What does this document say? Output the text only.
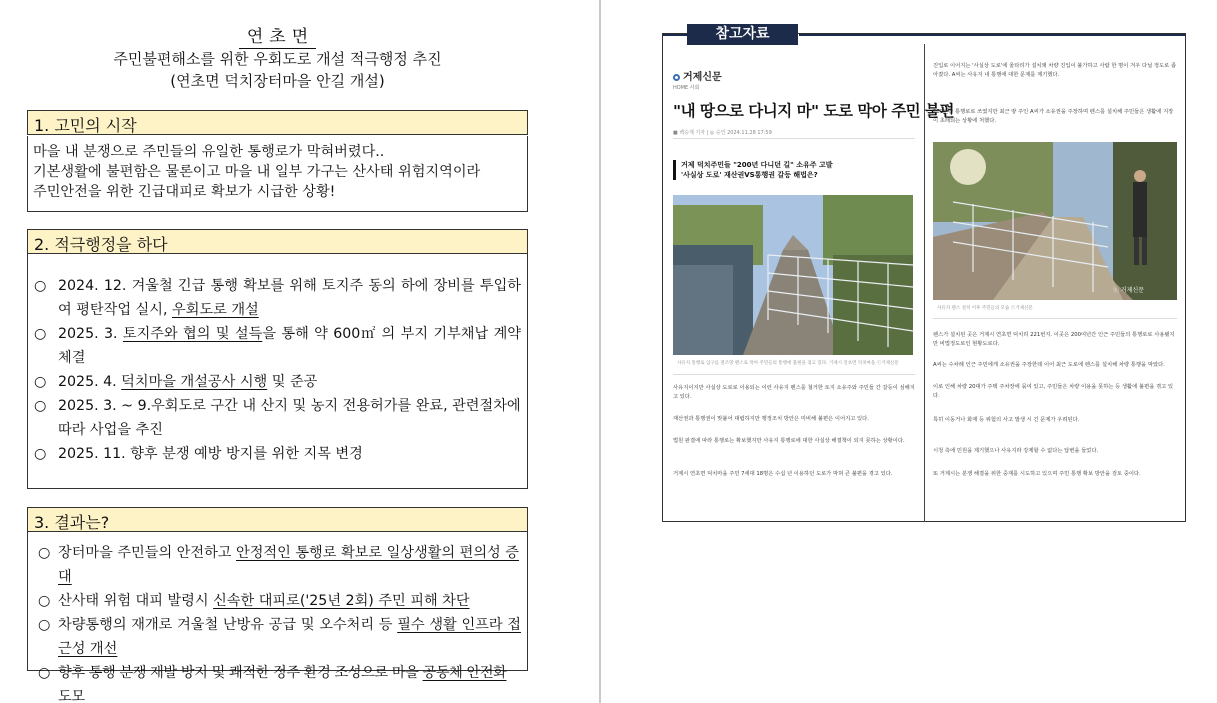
연초면
주민불편해소를 위한 우회도로 개설 적극행정 추진
(연초면 덕치장터마을 안길 개설)
1. 고민의 시작
마을 내 분쟁으로 주민들의 유일한 통행로가 막혀버렸다..
기본생활에 불편함은 물론이고 마을 내 일부 가구는 산사태 위험지역이라
주민안전을 위한 긴급대피로 확보가 시급한 상황!
2. 적극행정을 하다
○ 2024. 12. 겨울철 긴급 통행 확보를 위해 토지주 동의 하에 장비를 투입하여 평탄작업 실시, 우회도로 개설
○ 2025. 3. 토지주와 협의 및 설득을 통해 약 600㎡ 의 부지 기부채납 계약 체결
○ 2025. 4. 덕치마을 개설공사 시행 및 준공
○ 2025. 3. ~ 9.우회도로 구간 내 산지 및 농지 전용허가를 완료, 관련절차에 따라 사업을 추진
○ 2025. 11. 향후 분쟁 예방 방지를 위한 지목 변경
3. 결과는?
○ 장터마을 주민들의 안전하고 안정적인 통행로 확보로 일상생활의 편의성 증대
○ 산사태 위험 대피 발령시 신속한 대피로('25년 2회) 주민 피해 차단
○ 차량통행의 재개로 겨울철 난방유 공급 및 오수처리 등 필수 생활 인프라 접근성 개선
○ 향후 통행 분쟁 재발 방지 및 쾌적한 정주 환경 조성으로 마을 공동체 안전화 도모
거제신문
HOME 사회
"내 땅으로 다니지 마" 도로 막아 주민 불편
■ 백승재 기자 | ◎ 승인 2024.11.28 17:59
거제 덕치주민들 "200년 다니던 길" 소유주 고발
'사실상 도로' 재산권VS통행권 갈등 해법은?
사유지 통행로 입구를 철조망 펜스로 막아 주민들의 통행에 불편을 겪고 있다. 거제시 연초면 덕치마을 ⓒ거제신문
사유지이지만 사실상 도로로 이용되는 이런 사유지 펜스를 철거한 토지 소유주와 주민들 간 갈등이 심해지고 있다.
재산권과 통행권이 맞붙어 대립하지만 행정조치 방안은 미비해 불편은 이어지고 있다.
법원 판결에 따라 통행로는 확보했지만 사유지 통행로에 대한 사실상 해결책이 되지 못하는 상황이다.
거제시 연초면 덕치마을 주민 7세대 18명은 수십 년 이용하던 도로가 막혀 큰 불편을 겪고 있다.
진입로 이어지는 '사실상 도로'에 울타리가 설치돼 차량 진입이 불가하고 사람 한 명이 겨우 다닐 정도로 좁아졌다. A씨는 사유지 내 통행에 대한 문제를 제기했다.
200년간 통행로로 쓰였지만 최근 땅 주인 A씨가 소유권을 주장하며 펜스를 설치해 주민들은 생활에 지장이 초래되는 상황에 처했다.
ⓒ 거제신문
사유지 펜스 설치 이후 주민들의 모습 ⓒ거제신문
펜스가 설치된 곳은 거제시 연초면 덕치리 221번지. 이곳은 200여년간 인근 주민들의 통행로로 사용됐지만 비법정도로인 현황도로다.
A씨는 수차례 인근 주민에게 소유권을 주장한데 이어 최근 도로에 펜스를 설치해 차량 통행을 막았다.
이로 인해 차량 20대가 주택 주차장에 묶여 있고, 주민들은 차량 이용을 못하는 등 생활에 불편을 겪고 있다.
특히 이동거나 화재 등 위험의 사고 발생 시 긴 문제가 우려된다.
시청 측에 민원을 제기했으나 사유지라 강제할 수 없다는 답변을 들었다.
또 거제시는 분쟁 해결을 위한 중재를 시도하고 있으며 주민 통행 확보 방안을 검토 중이다.
참고자료
